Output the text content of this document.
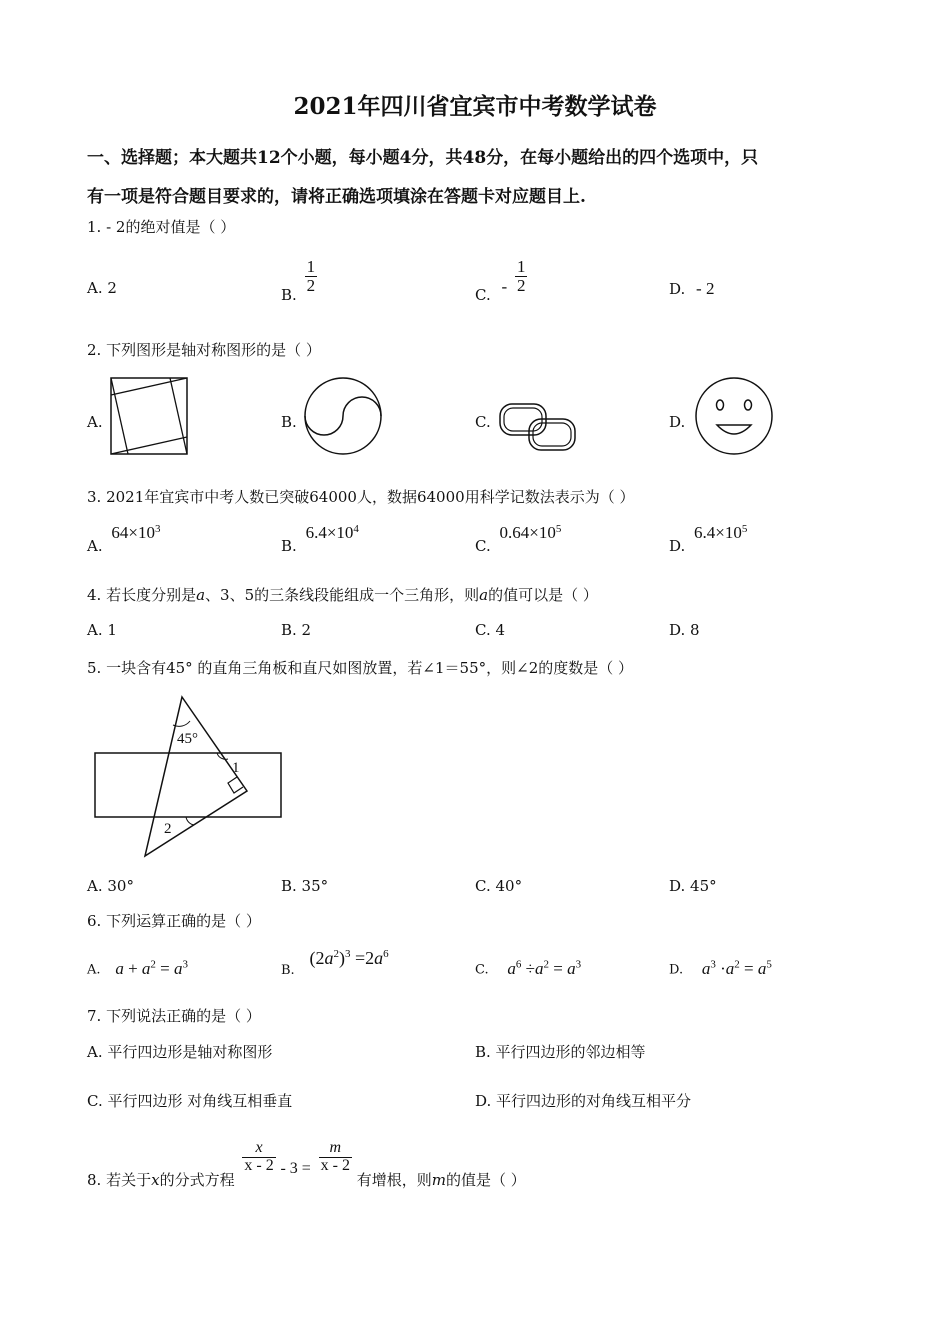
2021年四川省宜宾市中考数学试卷
一、选择题；本大题共12个小题，每小题4分，共48分，在每小题给出的四个选项中，只
有一项是符合题目要求的，请将正确选项填涂在答题卡对应题目上.
1. - 2的绝对值是（ ）
A. 2	B.
$\frac{1}{2}$
C. - $\frac{1}{2}$	D. - 2
2. 下列图形是轴对称图形的是（ ）
A.	B.	C.	D.
3. 2021年宜宾市中考人数已突破64000人，数据64000用科学记数法表示为（ ）
A. $64\times 10^3$
B. $6.4\times 10^4$
C. $0.64\times 10^5$
D. $6.4\times 10^5$
4. 若长度分别是a、3、5的三条线段能组成一个三角形，则a的值可以是（ ）
A. 1	B. 2	C. 4	D. 8
5. 一块含有45° 的直角三角板和直尺如图放置，若∠1＝55°，则∠2的度数是（ ）
45°
1
2
A. 30°	B. 35°	C. 40°	D. 45°
6. 下列运算正确的是（ ）
A. $a + a^2 = a^3$	B. $(2a^2)^3 =2a^6$
C. $a^6 \div a^2 = a^3$	D. $a^3 \cdot a^2 = a^5$
7. 下列说法正确的是（ ）
A. 平行四边形是轴对称图形	B. 平行四边形的邻边相等
C. 平行四边形 对角线互相垂直	D. 平行四边形的对角线互相平分
8. 若关于x的分式方程
$\frac{x}{x - 2} - 3 = \frac{m}{x - 2}$
有增根，则m的值是（ ）
